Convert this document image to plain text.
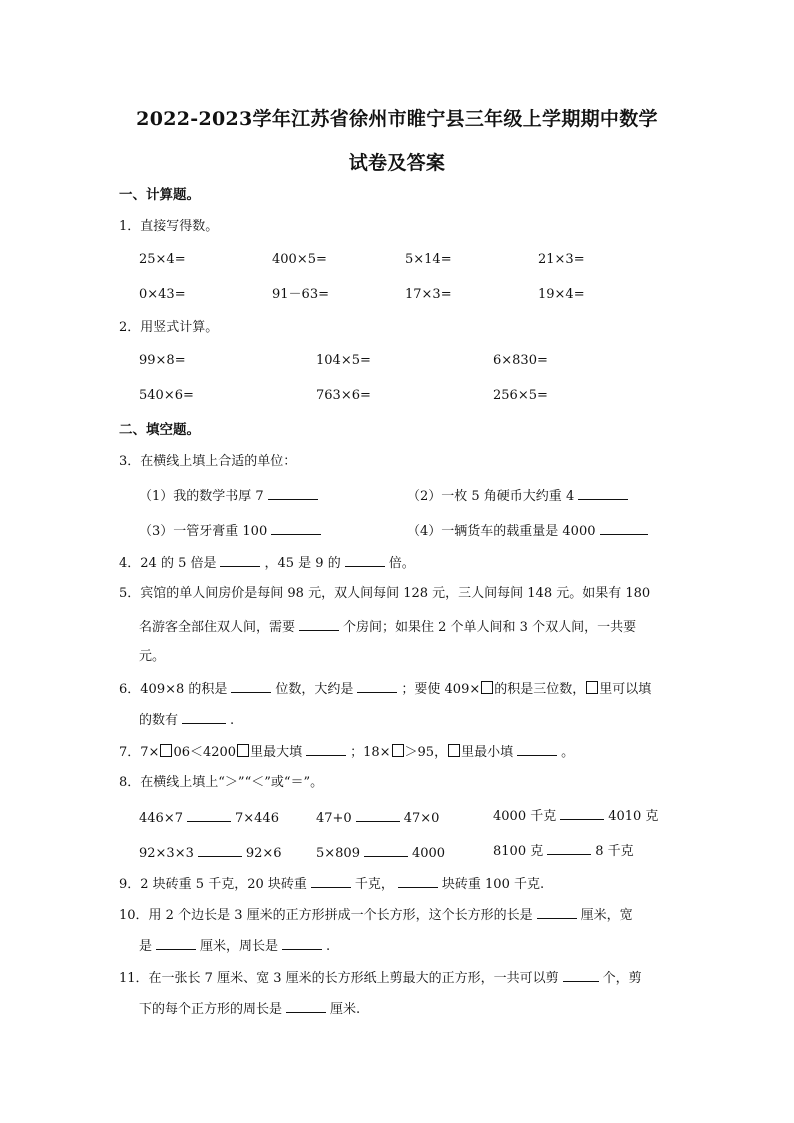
2022-2023学年江苏省徐州市睢宁县三年级上学期期中数学
试卷及答案
一、计算题。
1．直接写得数。
25×4=	400×5=	5×14=	21×3=
0×43=	91－63=	17×3=	19×4=
2．用竖式计算。
99×8=	104×5=	6×830=
540×6=	763×6=	256×5=
二、填空题。
3．在横线上填上合适的单位：
（1）我的数学书厚 7	（2）一枚 5 角硬币大约重 4
（3）一管牙膏重 100	（4）一辆货车的载重量是 4000
4．24 的 5 倍是	，45 是 9 的	倍。
5．宾馆的单人间房价是每间 98 元，双人间每间 128 元，三人间每间 148 元。如果有 180
名游客全部住双人间，需要	个房间；如果住 2 个单人间和 3 个双人间，一共要
元。
6．409×8 的积是	位数，大约是	；要使 409× 的积是三位数， 里可以填
的数有	.
7．7× 06＜4200 里最大填	；18× ＞95， 里最小填	。
8．在横线上填上“＞”“＜”或“＝”。
446×7	7×446	47+0	47×0	4000 千克	4010 克
92×3×3	92×6	5×809	4000	8100 克	8 千克
9．2 块砖重 5 千克，20 块砖重	千克，	块砖重 100 千克.
10．用 2 个边长是 3 厘米的正方形拼成一个长方形，这个长方形的长是	厘米，宽
是	厘米，周长是	.
11．在一张长 7 厘米、宽 3 厘米的长方形纸上剪最大的正方形，一共可以剪	个，剪
下的每个正方形的周长是	厘米.
